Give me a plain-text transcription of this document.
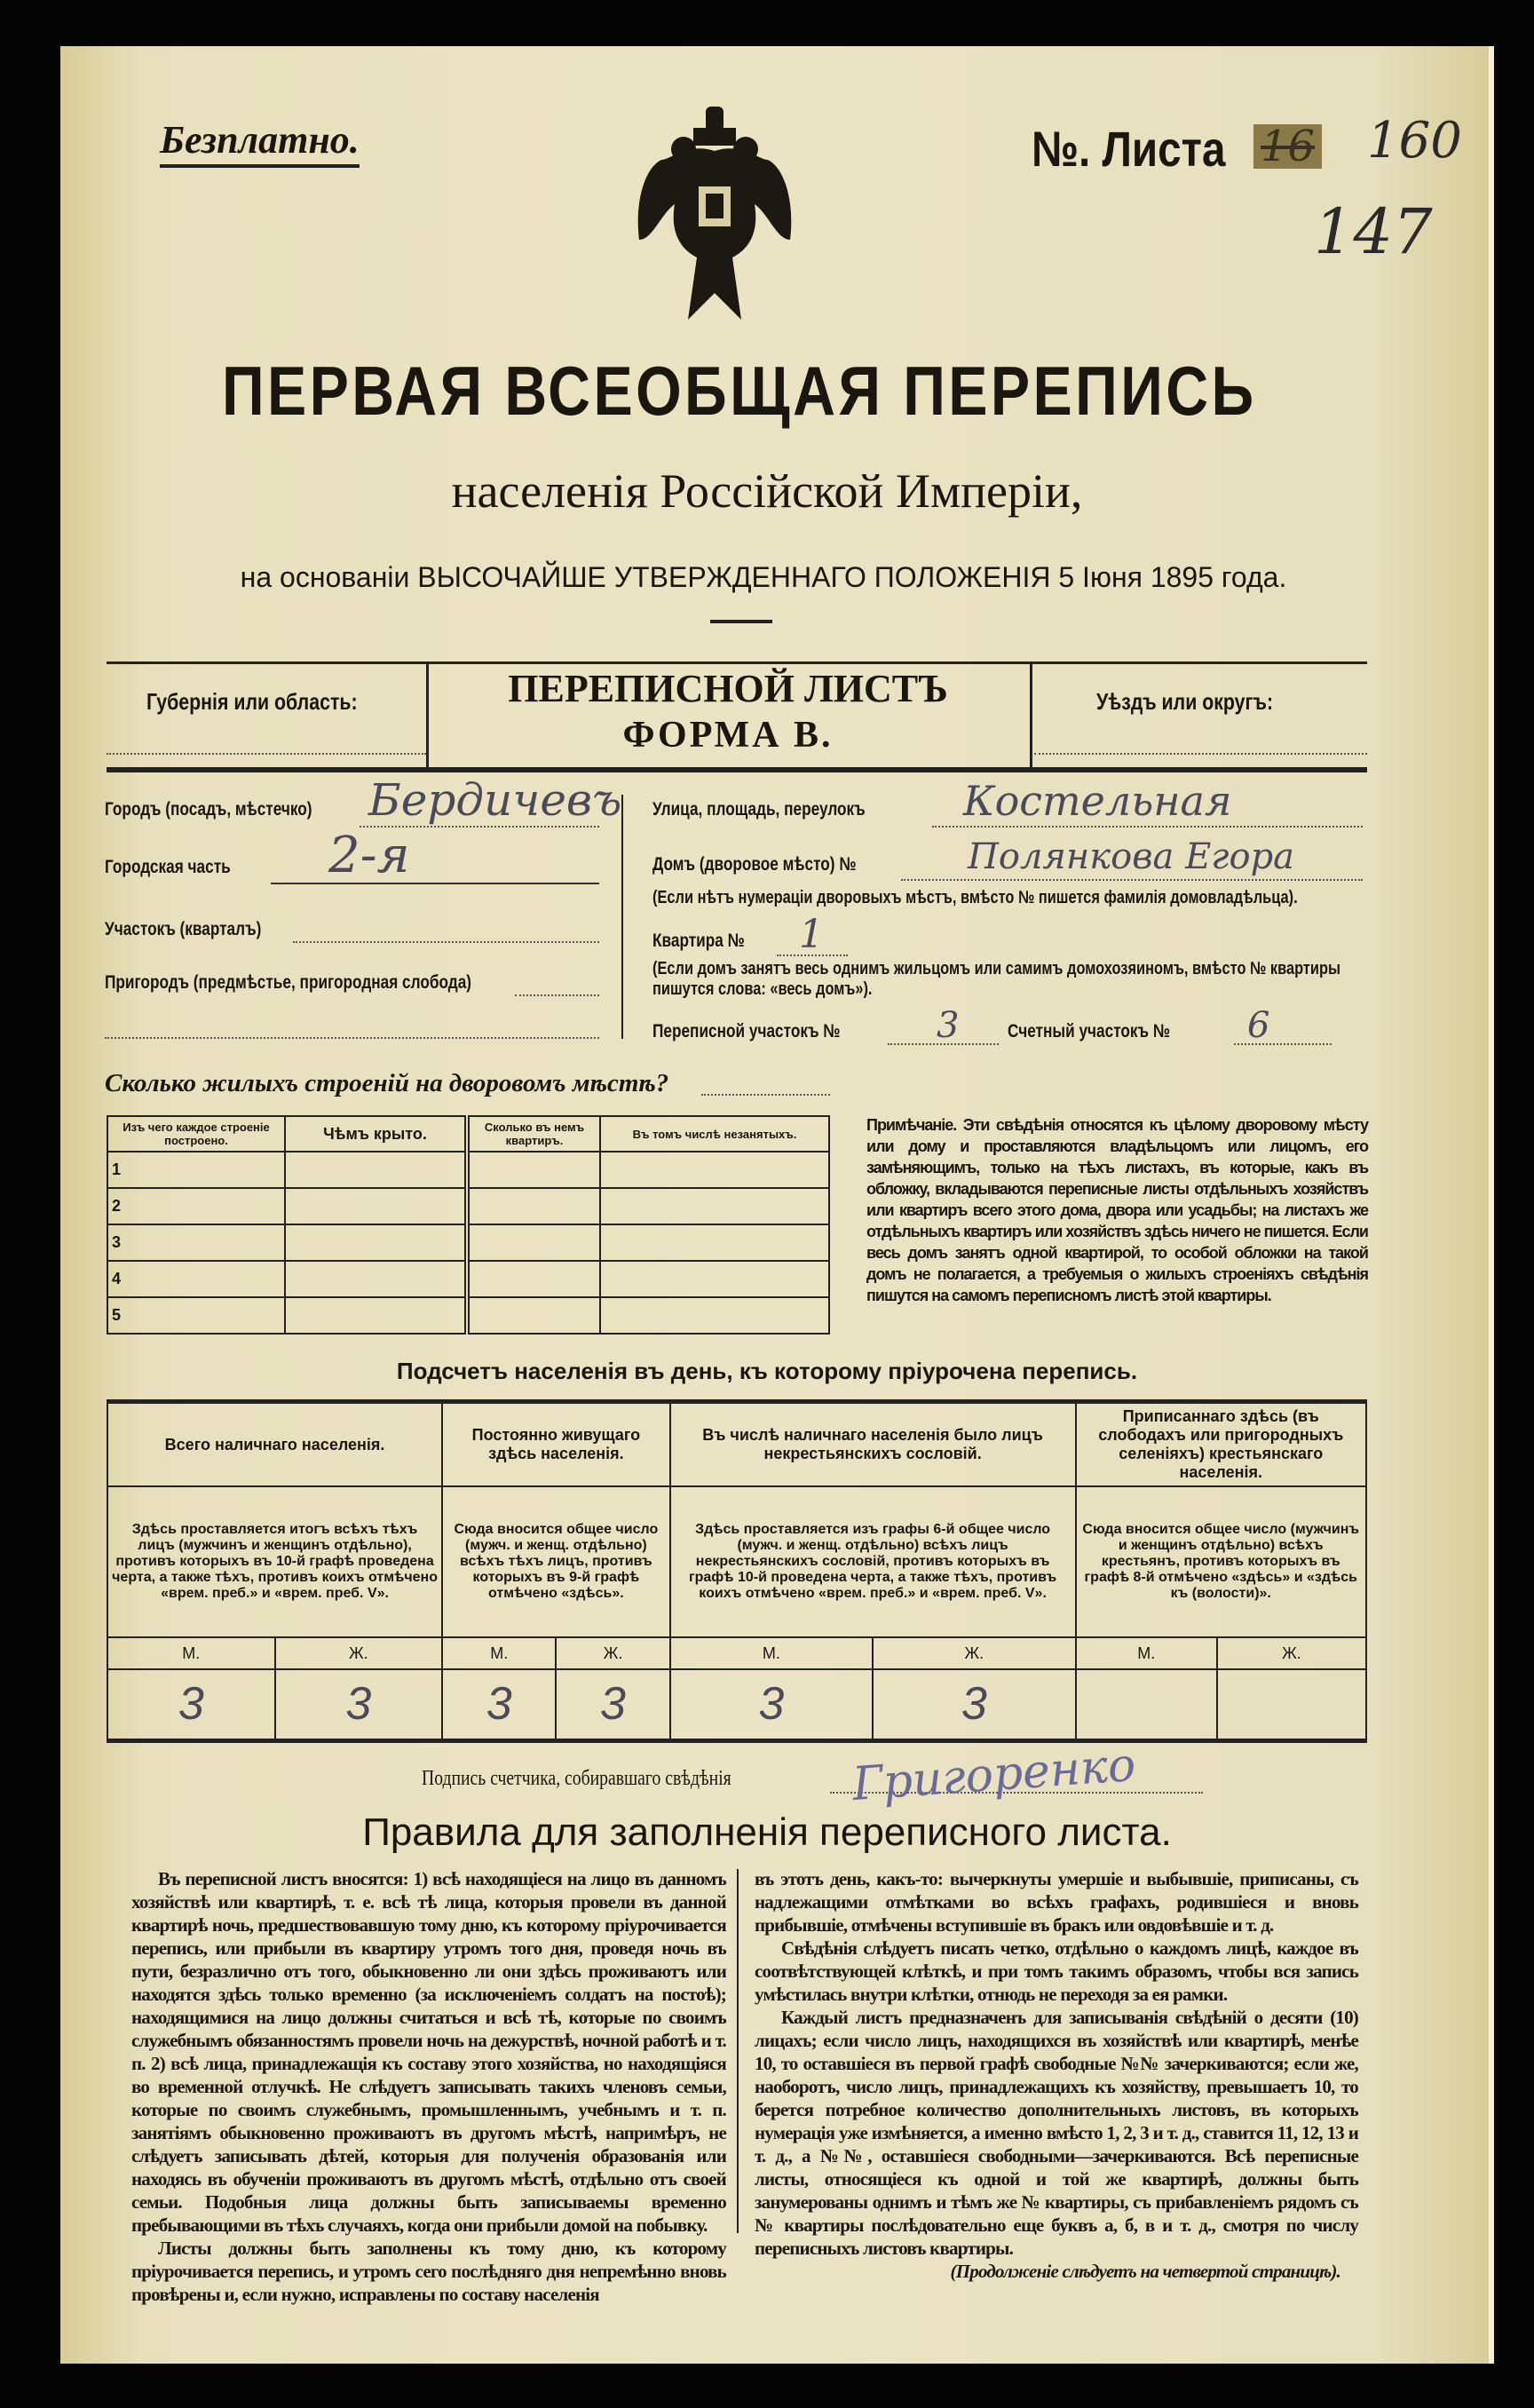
Безплатно.	№. Листа 16 160
147
ПЕРВАЯ ВСЕОБЩАЯ ПЕРЕПИСЬ
населенія Россійской Имперіи,
на основаніи ВЫСОЧАЙШЕ УТВЕРЖДЕННАГО ПОЛОЖЕНІЯ 5 Іюня 1895 года.
Губернія или область:	ПЕРЕПИСНОЙ ЛИСТЪ
ФОРМА В.
Уѣздъ или округъ:
Городъ (посадъ, мѣстечко) Бердичевъ
Городская часть 2-я
Участокъ (кварталъ)
Пригородъ (предмѣстье, пригородная слобода)
Улица, площадь, переулокъ Костельная
Домъ (дворовое мѣсто) №	Полянкова Егора
(Если нѣтъ нумераціи дворовыхъ мѣстъ, вмѣсто № пишется фамилія домовладѣльца).
Квартира № 1
(Если домъ занятъ весь однимъ жильцомъ или самимъ домохозяиномъ, вмѣсто № квартиры пишутся слова: «весь домъ»).
Переписной участокъ №	3	Счетный участокъ № 6
Сколько жилыхъ строеній на дворовомъ мѣстѣ?
Изъ чего каждое строеніе построено.	Чѣмъ крыто.	Сколько въ немъ квартиръ.	Въ томъ числѣ незанятыхъ.
1			
2			
3			
4			
5			
Примѣчаніе. Эти свѣдѣнія относятся къ цѣлому дворовому мѣсту или дому и проставляются владѣльцомъ или лицомъ, его замѣняющимъ, только на тѣхъ листахъ, въ которые, какъ въ обложку, вкладываются переписные листы отдѣльныхъ хозяйствъ или квартиръ всего этого дома, двора или усадьбы; на листахъ же отдѣльныхъ квартиръ или хозяйствъ здѣсь ничего не пишется. Если весь домъ занятъ одной квартирой, то особой обложки на такой домъ не полагается, а требуемыя о жилыхъ строеніяхъ свѣдѣнія пишутся на самомъ переписномъ листѣ этой квартиры.
Подсчетъ населенія въ день, къ которому пріурочена перепись.
Всего наличнаго населенія.		Постоянно живущаго здѣсь населенія.		Въ числѣ наличнаго населенія было лицъ некрестьянскихъ сословій.		Приписаннаго здѣсь (въ слободахъ или пригородныхъ селеніяхъ) крестьянскаго населенія.	
Здѣсь проставляется итогъ всѣхъ тѣхъ лицъ (мужчинъ и женщинъ отдѣльно), противъ которыхъ въ 10-й графѣ проведена черта, а также тѣхъ, противъ коихъ отмѣчено «врем. преб.» и «врем. преб. V».		Сюда вносится общее число (мужч. и женщ. отдѣльно) всѣхъ тѣхъ лицъ, противъ которыхъ въ 9-й графѣ отмѣчено «здѣсь».		Здѣсь проставляется изъ графы 6-й общее число (мужч. и женщ. отдѣльно) всѣхъ лицъ некрестьянскихъ сословій, противъ которыхъ въ графѣ 10-й проведена черта, а также тѣхъ, противъ коихъ отмѣчено «врем. преб.» и «врем. преб. V».		Сюда вносится общее число (мужчинъ и женщинъ отдѣльно) всѣхъ крестьянъ, противъ которыхъ въ графѣ 8-й отмѣчено «здѣсь» и «здѣсь къ (волости)».	
М.	Ж.	М.	Ж.	М.	Ж.	М.	Ж.
3	3	3	3	3	3		
Подпись счетчика, собиравшаго свѣдѣнія	Григоренко
Правила для заполненія переписного листа.

Въ переписной листъ вносятся: 1) всѣ находящіеся на лицо въ данномъ хозяйствѣ или квартирѣ, т. е. всѣ тѣ лица, которыя провели въ данной квартирѣ ночь, предшествовавшую тому дню, къ которому пріурочивается перепись, или прибыли въ квартиру утромъ того дня, проведя ночь въ пути, безразлично отъ того, обыкновенно ли они здѣсь проживаютъ или находятся здѣсь только временно (за исключеніемъ солдатъ на постоѣ); находящимися на лицо должны считаться и всѣ тѣ, которые по своимъ служебнымъ обязанностямъ провели ночь на дежурствѣ, ночной работѣ и т. п. 2) всѣ лица, принадлежащія къ составу этого хозяйства, но находящіяся во временной отлучкѣ. Не слѣдуетъ записывать такихъ членовъ семьи, которые по своимъ служебнымъ, промышленнымъ, учебнымъ и т. п. занятіямъ обыкновенно проживаютъ въ другомъ мѣстѣ, напримѣръ, не слѣдуетъ записывать дѣтей, которыя для полученія образованія или находясь въ обученіи проживаютъ въ другомъ мѣстѣ, отдѣльно отъ своей семьи. Подобныя лица должны быть записываемы временно пребывающими въ тѣхъ случаяхъ, когда они прибыли домой на побывку.

Листы должны быть заполнены къ тому дню, къ которому пріурочивается перепись, и утромъ сего послѣдняго дня непремѣнно вновь провѣрены и, если нужно, исправлены по составу населенія

въ этотъ день, какъ-то: вычеркнуты умершіе и выбывшіе, приписаны, съ надлежащими отмѣтками во всѣхъ графахъ, родившіеся и вновь прибывшіе, отмѣчены вступившіе въ бракъ или овдовѣвшіе и т. д.

Свѣдѣнія слѣдуетъ писать четко, отдѣльно о каждомъ лицѣ, каждое въ соотвѣтствующей клѣткѣ, и при томъ такимъ образомъ, чтобы вся запись умѣстилась внутри клѣтки, отнюдь не переходя за ея рамки.

Каждый листъ предназначенъ для записыванія свѣдѣній о десяти (10) лицахъ; если число лицъ, находящихся въ хозяйствѣ или квартирѣ, менѣе 10, то оставшіеся въ первой графѣ свободные №№ зачеркиваются; если же, наоборотъ, число лицъ, принадлежащихъ къ хозяйству, превышаетъ 10, то берется потребное количество дополнительныхъ листовъ, въ которыхъ нумерація уже измѣняется, а именно вмѣсто 1, 2, 3 и т. д., ставится 11, 12, 13 и т. д., а №№, оставшіеся свободными—зачеркиваются. Всѣ переписные листы, относящіеся къ одной и той же квартирѣ, должны быть занумерованы однимъ и тѣмъ же № квартиры, съ прибавленіемъ рядомъ съ № квартиры послѣдовательно еще буквъ а, б, в и т. д., смотря по числу переписныхъ листовъ квартиры.

(Продолженіе слѣдуетъ на четвертой страницѣ).
